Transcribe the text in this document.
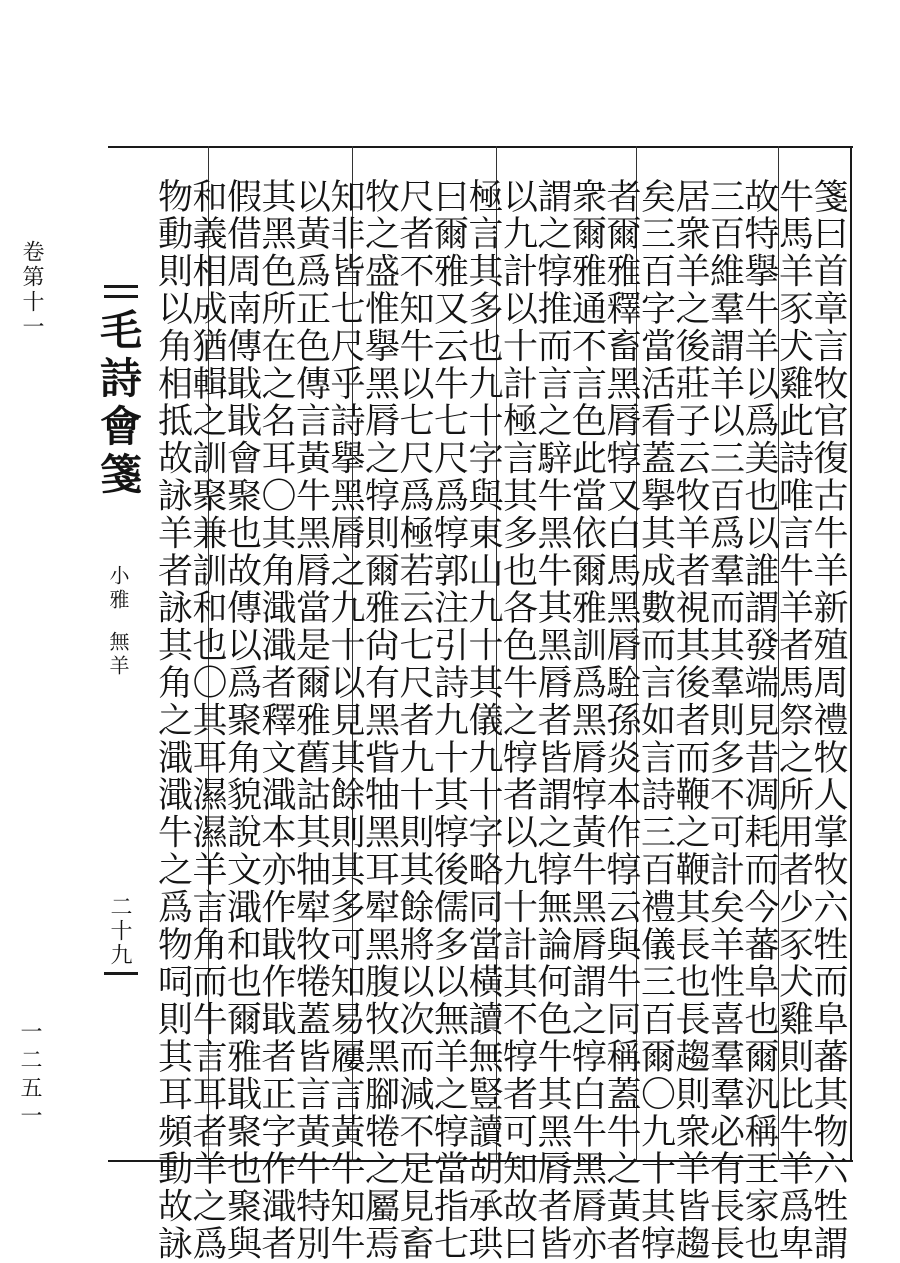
卷第十一
一二五一
毛詩會箋
小雅無羊
二十九	箋曰首章言牧官復古牛羊新殖周禮牧人掌牧六牲而阜蕃其物六牲謂
牛馬羊豕犬雞此詩唯言牛羊者馬祭之所用者少豕犬雞則比牛羊爲卑
故特擧牛羊以爲美也以誰謂發端見昔凋耗而今蕃阜也爾汎稱王家也
三百維羣謂羊以三百爲羣而其羣則多不可計矣羊性喜羣羣必有長長
居衆羊之後莊子云牧羊者視其後者而鞭之鞭其長也長趨則衆羊皆趨
矣三百字當活看蓋擧其成數而言如言詩三百禮儀三百爾〇九十其犉
者爾雅釋畜黑脣犉又白馬黑脣駩孫炎本作犉云與牛同稱蓋牛之黃者
衆爾雅通不言色此當依爾雅訓爲黑脣犉黃牛黑脣謂之犉白牛黑脣亦
謂之犉推而言之騂牛黑牛其黑脣者皆謂之犉無論何色牛其黑脣者皆
以九計以十計極言其多也各色牛之犉者以九十計其不犉者可知故曰
極言其多也九十字與東山九十其儀九十字略同當橫讀無豎讀胡承珙
曰爾雅又云牛七尺爲犉郭注引詩九十其犉後儒多以無羊之犉當指七
尺者不知牛以七尺爲極若云七尺者九十則其餘將以次而減不足見畜
牧之盛惟擧黑脣之犉則爾雅尙有黑眥牰黑耳犚黑腹牧黑腳犈之屬焉
知非皆七尺乎詩擧黑脣之九十以見其餘則其多可知易屨言黃牛知牛
以黃爲正色傳言黃牛黑脣當是爾雅舊詁其牰犚牧犈蓋皆言黃牛特別
其黑色所在之名耳〇其角濈濈者釋文濈本亦作戢作戢者正字作濈者
假借周南傳戢戢會聚也故傳以爲聚角貌說文濈和也爾雅戢聚也聚與
和義相成猶輯之訓聚兼訓和也〇其耳濕濕羊言角而牛言耳者羊之爲
物動則以角相抵故詠羊者詠其角之濈濈牛之爲物呞則其耳頻動故詠
